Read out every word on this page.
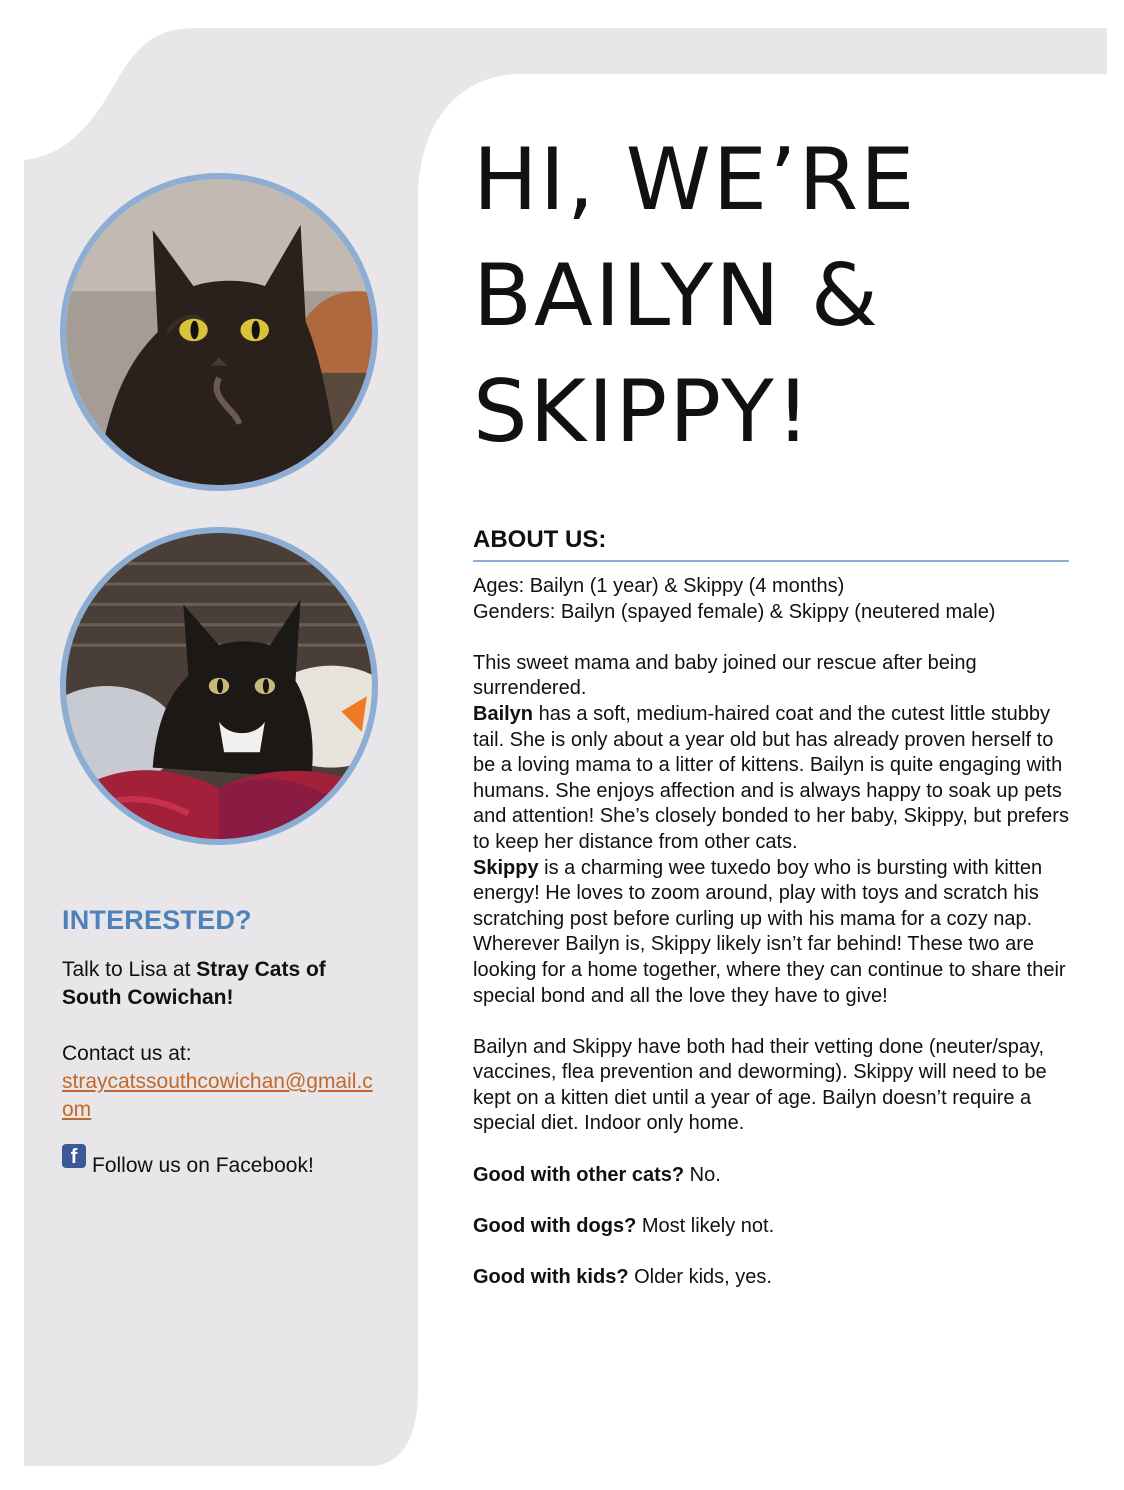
HI, WE’RE
BAILYN &
SKIPPY!
ABOUT US:

Ages: Bailyn (1 year) & Skippy (4 months)

Genders: Bailyn (spayed female) & Skippy (neutered male)

This sweet mama and baby joined our rescue after being surrendered.

Bailyn has a soft, medium-haired coat and the cutest little stubby tail. She is only about a year old but has already proven herself to be a loving mama to a litter of kittens. Bailyn is quite engaging with humans. She enjoys affection and is always happy to soak up pets and attention! She’s closely bonded to her baby, Skippy, but prefers to keep her distance from other cats.

Skippy is a charming wee tuxedo boy who is bursting with kitten energy! He loves to zoom around, play with toys and scratch his scratching post before curling up with his mama for a cozy nap. Wherever Bailyn is, Skippy likely isn’t far behind! These two are looking for a home together, where they can continue to share their special bond and all the love they have to give!

Bailyn and Skippy have both had their vetting done (neuter/spay, vaccines, flea prevention and deworming). Skippy will need to be kept on a kitten diet until a year of age. Bailyn doesn’t require a special diet. Indoor only home.

Good with other cats? No.

Good with dogs? Most likely not.

Good with kids? Older kids, yes.

INTERESTED?

Talk to Lisa at Stray Cats of South Cowichan!

Contact us at:

straycatssouthcowichan@gmail.com
f Follow us on Facebook!
